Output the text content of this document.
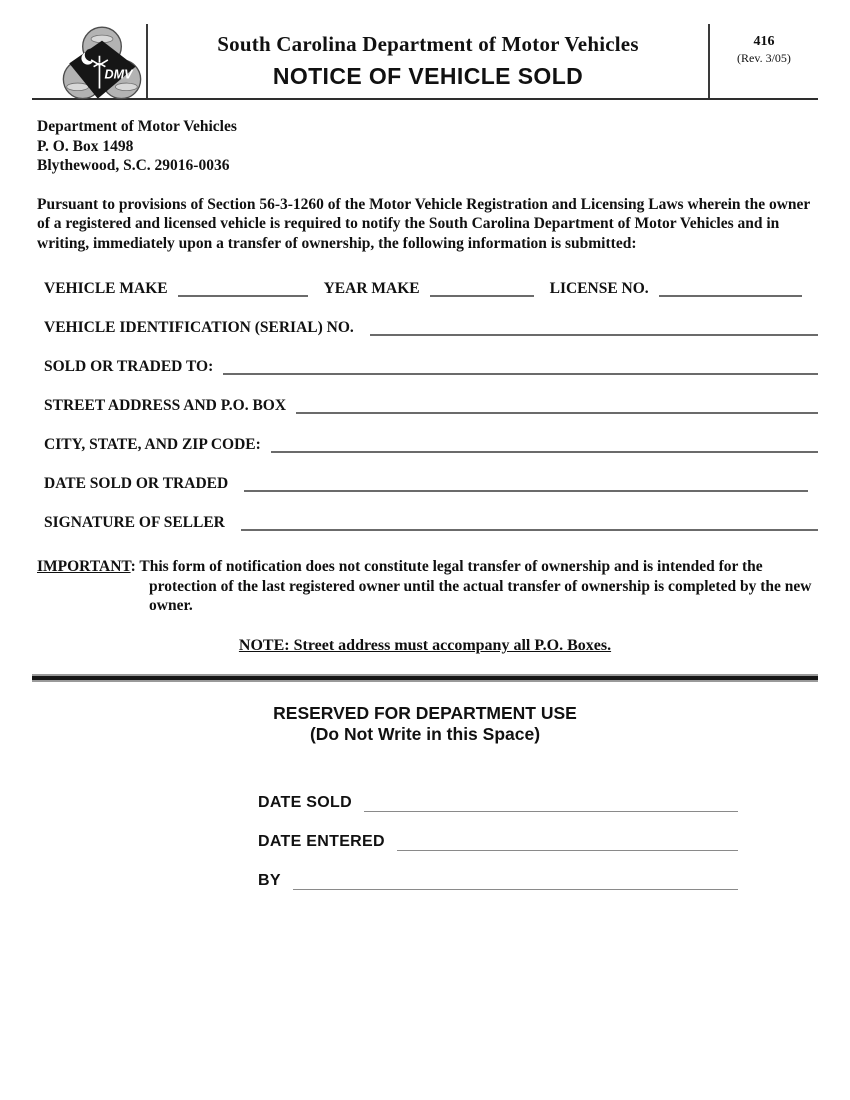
DMV
South Carolina Department of Motor Vehicles
NOTICE OF VEHICLE SOLD
416
(Rev. 3/05)
Department of Motor Vehicles
P. O. Box 1498
Blythewood, S.C. 29016-0036

Pursuant to provisions of Section 56-3-1260 of the Motor Vehicle Registration and Licensing Laws wherein the owner of a registered and licensed vehicle is required to notify the South Carolina Department of Motor Vehicles and in writing, immediately upon a transfer of ownership, the following information is submitted:

VEHICLE MAKE	YEAR MAKE	LICENSE NO.
VEHICLE IDENTIFICATION (SERIAL) NO.
SOLD OR TRADED TO:
STREET ADDRESS AND P.O. BOX
CITY, STATE, AND ZIP CODE:
DATE SOLD OR TRADED
SIGNATURE OF SELLER

IMPORTANT: This form of notification does not constitute legal transfer of ownership and is intended for the protection of the last registered owner until the actual transfer of ownership is completed by the new owner.

NOTE: Street address must accompany all P.O. Boxes.
RESERVED FOR DEPARTMENT USE
(Do Not Write in this Space)
DATE SOLD
DATE ENTERED
BY
